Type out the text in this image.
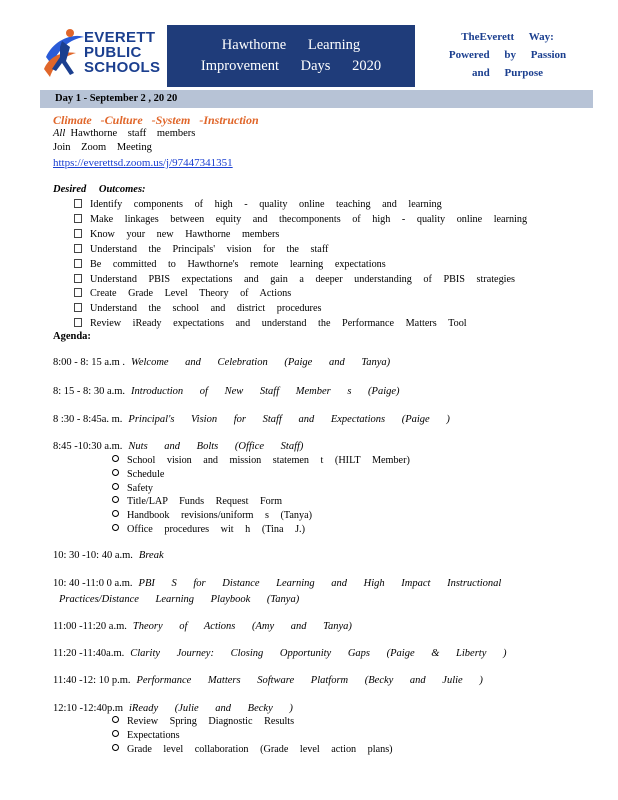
EVERETT
PUBLIC
SCHOOLS
Hawthorne Learning
Improvement Days 2020
TheEverett Way:
Powered by Passion
and Purpose
Day 1 - September 2 , 20 20
Climate -Culture -System -Instruction
All Hawthorne staff members
Join Zoom Meeting
https://everettsd.zoom.us/j/97447341351
Desired Outcomes:
Identify components of high - quality online teaching and learning
Make linkages between equity and thecomponents of high - quality online learning
Know your new Hawthorne members
Understand the Principals' vision for the staff
Be committed to Hawthorne's remote learning expectations
Understand PBIS expectations and gain a deeper understanding of PBIS strategies
Create Grade Level Theory of Actions
Understand the school and district procedures
Review iReady expectations and understand the Performance Matters Tool
Agenda:
8:00 - 8: 15 a.m . Welcome and Celebration (Paige and Tanya)
8: 15 - 8: 30 a.m. Introduction of New Staff Member s (Paige)
8 :30 - 8:45a. m. Principal's Vision for Staff and Expectations (Paige )
8:45 -10:30 a.m. Nuts and Bolts (Office Staff)
10: 30 -10: 40 a.m. Break
10: 40 -11:0 0 a.m. PBI S for Distance Learning and High Impact Instructional
Practices/Distance Learning Playbook (Tanya)
11:00 -11:20 a.m. Theory of Actions (Amy and Tanya)
11:20 -11:40a.m. Clarity Journey: Closing Opportunity Gaps (Paige & Liberty )
11:40 -12: 10 p.m. Performance Matters Software Platform (Becky and Julie )
12:10 -12:40p.m iReady (Julie and Becky )
School vision and mission statemen t (HILT Member)
Schedule
Safety
Title/LAP Funds Request Form
Handbook revisions/uniform s (Tanya)
Office procedures wit h (Tina J.)
Review Spring Diagnostic Results
Expectations
Grade level collaboration (Grade level action plans)
